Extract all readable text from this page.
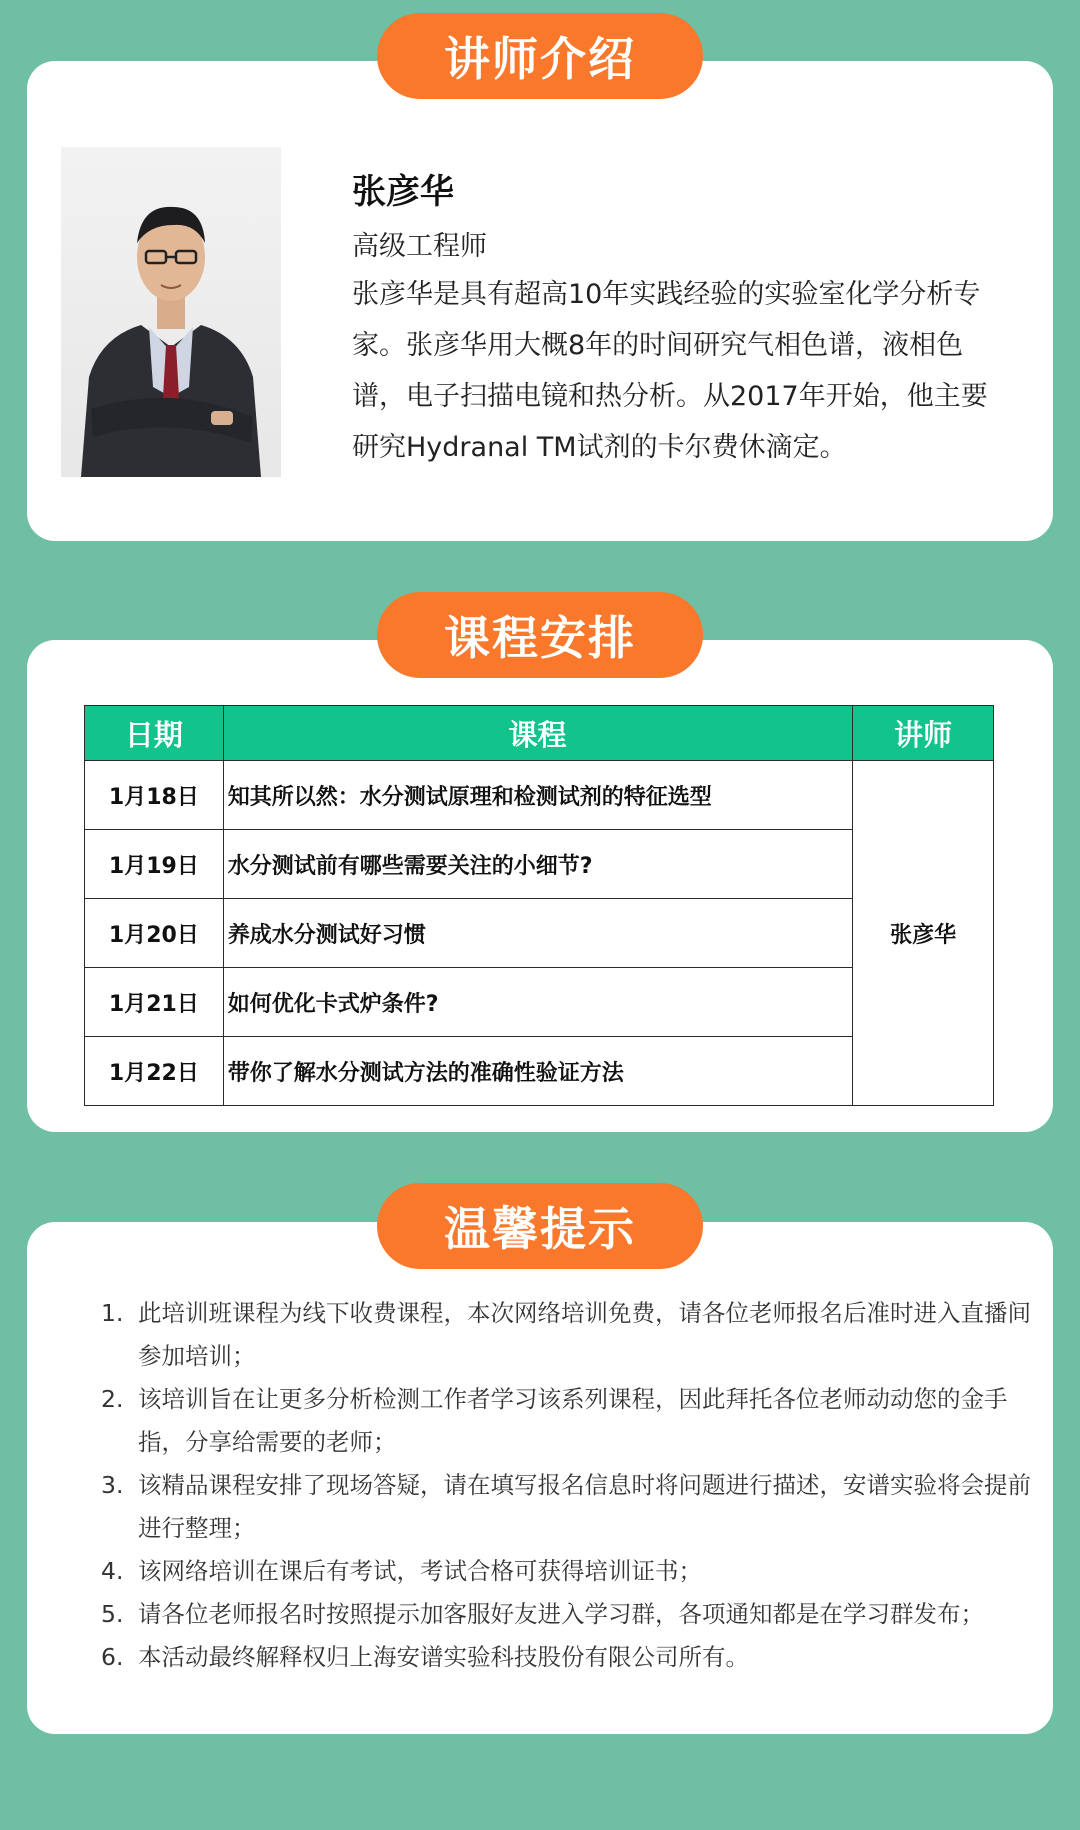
讲师介绍
张彦华
高级工程师
张彦华是具有超高10年实践经验的实验室化学分析专家。张彦华用大概8年的时间研究气相色谱，液相色谱，电子扫描电镜和热分析。从2017年开始，他主要研究Hydranal TM试剂的卡尔费休滴定。
课程安排
日期	课程	讲师
1月18日	知其所以然：水分测试原理和检测试剂的特征选型	张彦华
1月19日	水分测试前有哪些需要关注的小细节?	
1月20日	养成水分测试好习惯	
1月21日	如何优化卡式炉条件?	
1月22日	带你了解水分测试方法的准确性验证方法	
温馨提示
1. 此培训班课程为线下收费课程，本次网络培训免费，请各位老师报名后准时进入直播间参加培训；
2. 该培训旨在让更多分析检测工作者学习该系列课程，因此拜托各位老师动动您的金手指，分享给需要的老师；
3. 该精品课程安排了现场答疑，请在填写报名信息时将问题进行描述，安谱实验将会提前进行整理；
4. 该网络培训在课后有考试，考试合格可获得培训证书；
5. 请各位老师报名时按照提示加客服好友进入学习群，各项通知都是在学习群发布；
6. 本活动最终解释权归上海安谱实验科技股份有限公司所有。
